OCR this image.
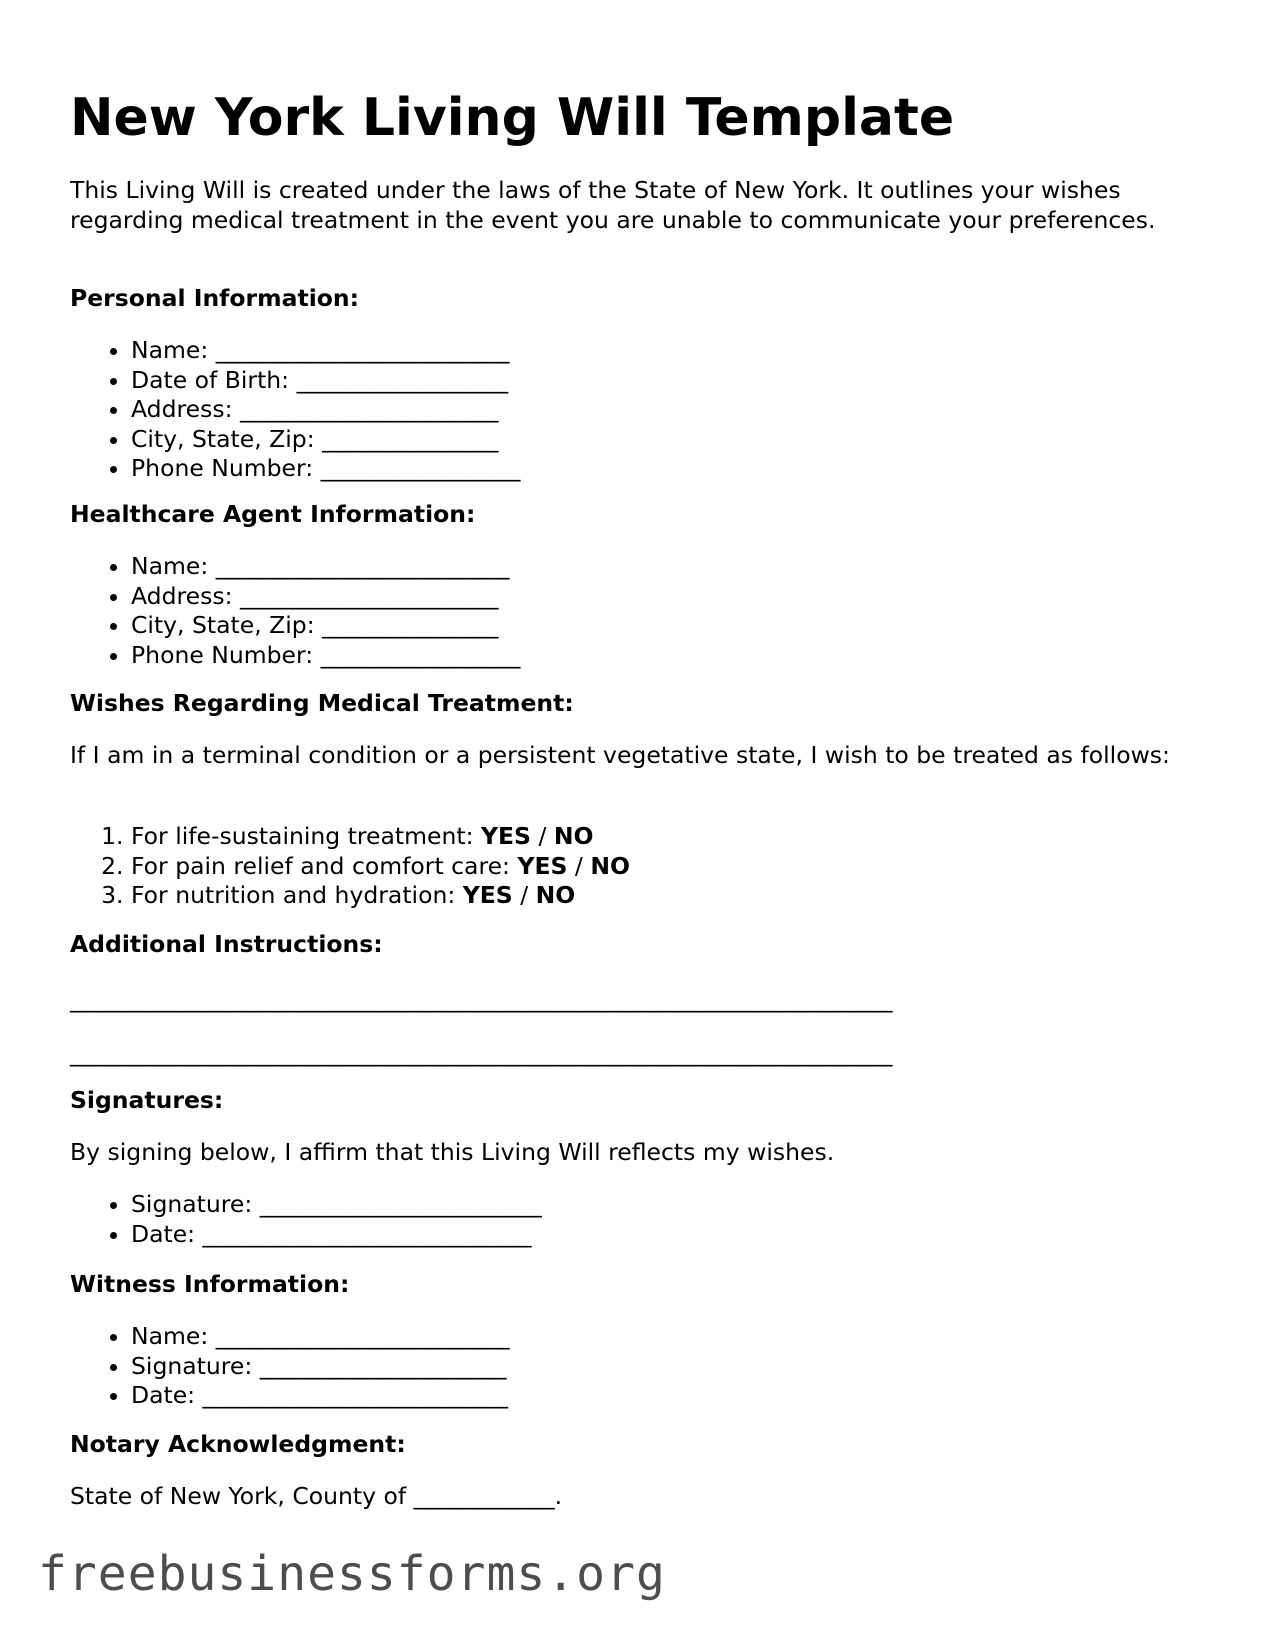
New York Living Will Template

This Living Will is created under the laws of the State of New York. It outlines your wishes regarding medical treatment in the event you are unable to communicate your preferences.

Personal Information:

• Name: _________________________
• Date of Birth: __________________
• Address: ______________________
• City, State, Zip: _______________
• Phone Number: _________________

Healthcare Agent Information:

• Name: _________________________
• Address: ______________________
• City, State, Zip: _______________
• Phone Number: _________________

Wishes Regarding Medical Treatment:

If I am in a terminal condition or a persistent vegetative state, I wish to be treated as follows:

1. For life-sustaining treatment: YES / NO
2. For pain relief and comfort care: YES / NO
3. For nutrition and hydration: YES / NO

Additional Instructions:

______________________________________________________________________

______________________________________________________________________

Signatures:

By signing below, I affirm that this Living Will reflects my wishes.

• Signature: ________________________
• Date: ____________________________

Witness Information:

• Name: _________________________
• Signature: _____________________
• Date: __________________________

Notary Acknowledgment:

State of New York, County of ____________.

freebusinessforms.org
